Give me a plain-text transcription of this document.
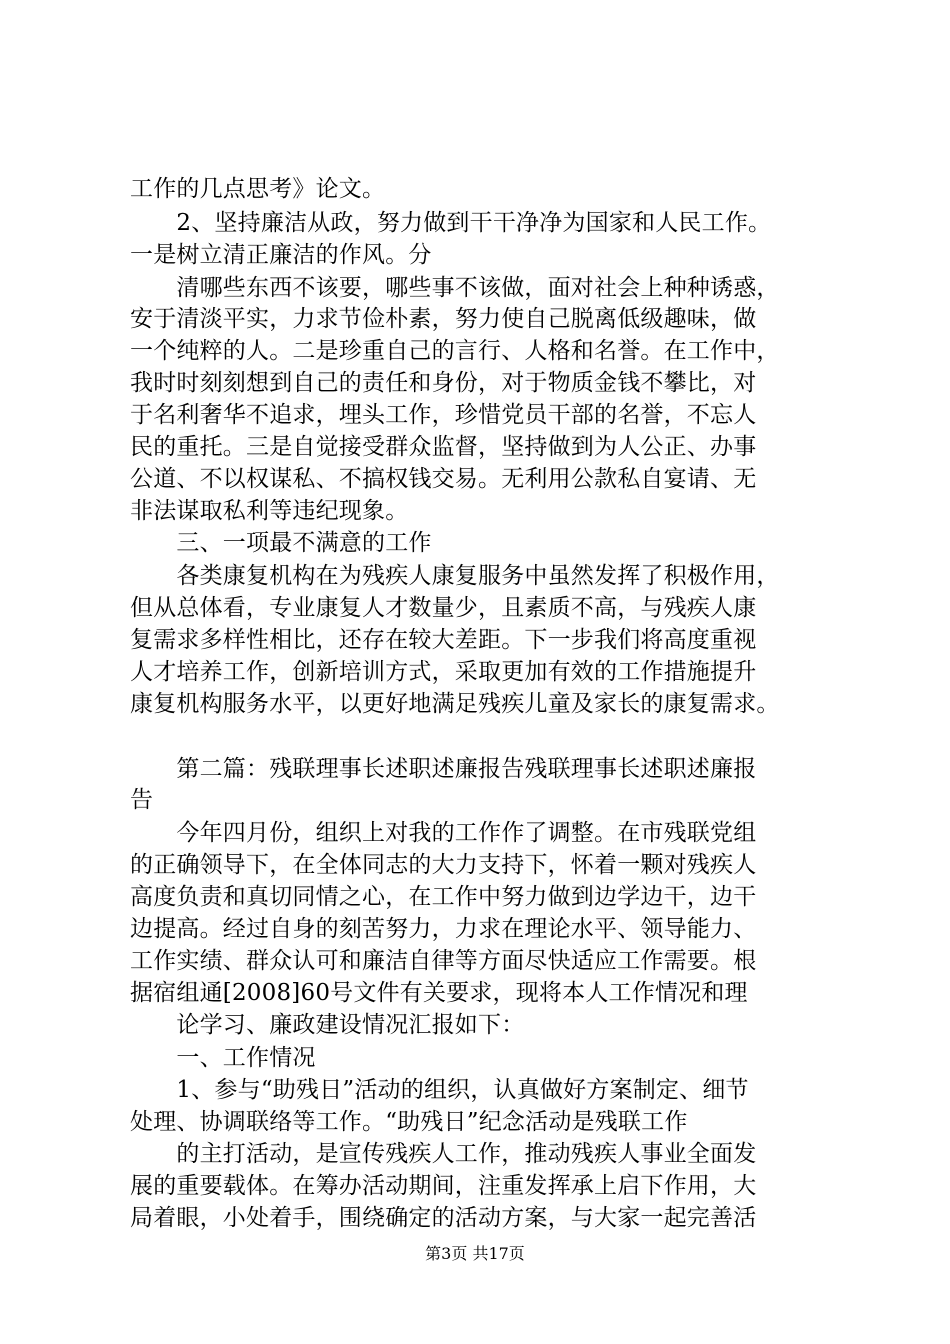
工作的几点思考》论文。
　　2、坚持廉洁从政，努力做到干干净净为国家和人民工作。
一是树立清正廉洁的作风。分
　　清哪些东西不该要，哪些事不该做，面对社会上种种诱惑，
安于清淡平实，力求节俭朴素，努力使自己脱离低级趣味，做
一个纯粹的人。二是珍重自己的言行、人格和名誉。在工作中，
我时时刻刻想到自己的责任和身份，对于物质金钱不攀比，对
于名利奢华不追求，埋头工作，珍惜党员干部的名誉，不忘人
民的重托。三是自觉接受群众监督，坚持做到为人公正、办事
公道、不以权谋私、不搞权钱交易。无利用公款私自宴请、无
非法谋取私利等违纪现象。
　　三、一项最不满意的工作
　　各类康复机构在为残疾人康复服务中虽然发挥了积极作用，
但从总体看，专业康复人才数量少，且素质不高，与残疾人康
复需求多样性相比，还存在较大差距。下一步我们将高度重视
人才培养工作，创新培训方式，采取更加有效的工作措施提升
康复机构服务水平，以更好地满足残疾儿童及家长的康复需求。
　　第二篇：残联理事长述职述廉报告残联理事长述职述廉报
告
　　今年四月份，组织上对我的工作作了调整。在市残联党组
的正确领导下，在全体同志的大力支持下，怀着一颗对残疾人
高度负责和真切同情之心，在工作中努力做到边学边干，边干
边提高。经过自身的刻苦努力，力求在理论水平、领导能力、
工作实绩、群众认可和廉洁自律等方面尽快适应工作需要。根
据宿组通[2008]60号文件有关要求，现将本人工作情况和理
　　论学习、廉政建设情况汇报如下：
　　一、工作情况
　　1、参与“助残日”活动的组织，认真做好方案制定、细节
处理、协调联络等工作。“助残日”纪念活动是残联工作
　　的主打活动，是宣传残疾人工作，推动残疾人事业全面发
展的重要载体。在筹办活动期间，注重发挥承上启下作用，大
局着眼，小处着手，围绕确定的活动方案，与大家一起完善活
第3页 共17页
